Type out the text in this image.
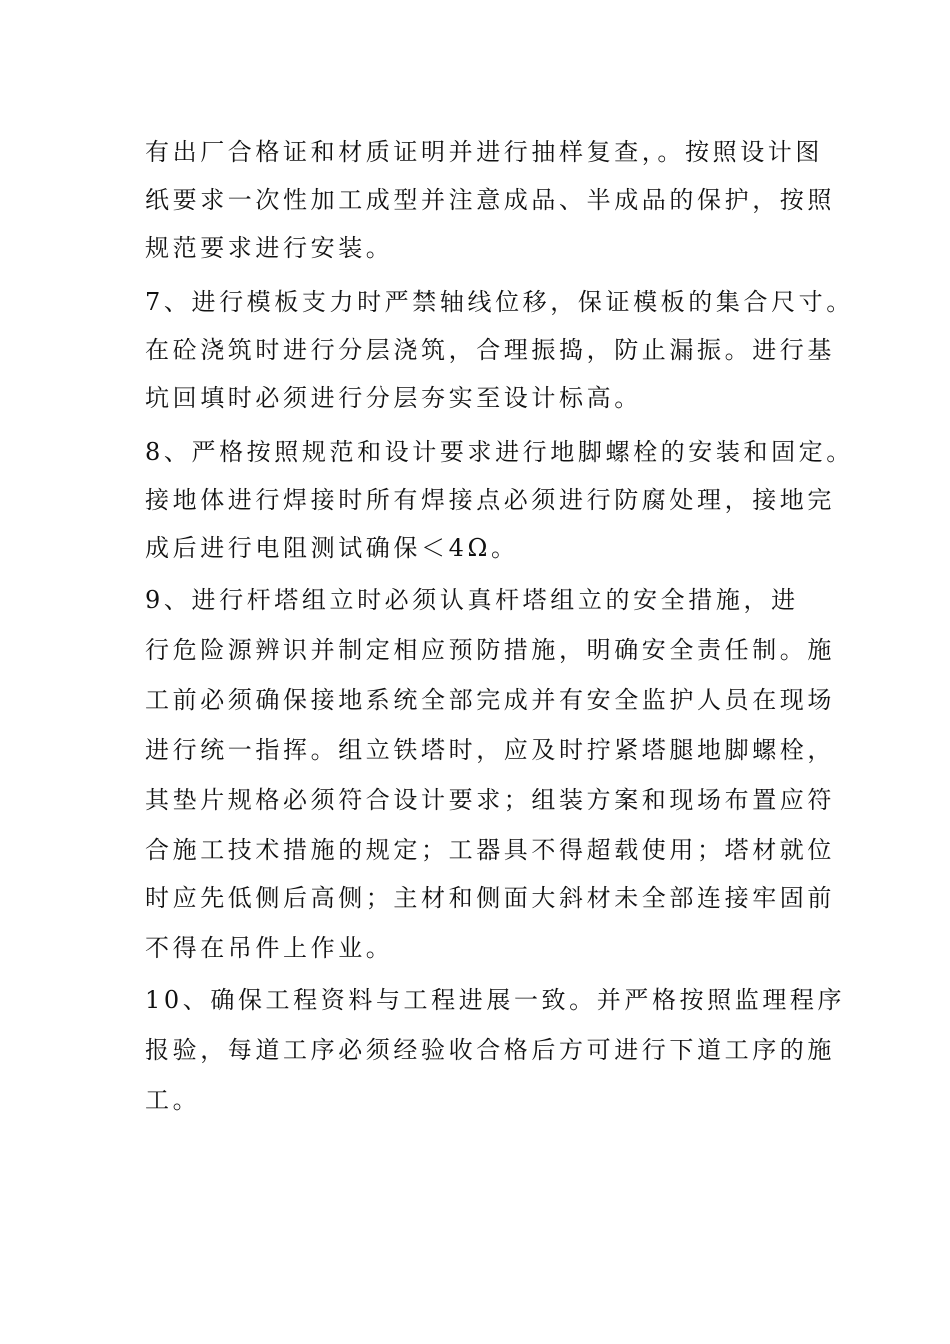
有出厂合格证和材质证明并进行抽样复查，。按照设计图
纸要求一次性加工成型并注意成品、半成品的保护，按照
规范要求进行安装。
7、进行模板支力时严禁轴线位移，保证模板的集合尺寸。
在砼浇筑时进行分层浇筑，合理振捣，防止漏振。进行基
坑回填时必须进行分层夯实至设计标高。
8、严格按照规范和设计要求进行地脚螺栓的安装和固定。
接地体进行焊接时所有焊接点必须进行防腐处理，接地完
成后进行电阻测试确保＜4Ω。
9、进行杆塔组立时必须认真杆塔组立的安全措施，进
行危险源辨识并制定相应预防措施，明确安全责任制。施
工前必须确保接地系统全部完成并有安全监护人员在现场
进行统一指挥。组立铁塔时，应及时拧紧塔腿地脚螺栓，
其垫片规格必须符合设计要求；组装方案和现场布置应符
合施工技术措施的规定；工器具不得超载使用；塔材就位
时应先低侧后高侧；主材和侧面大斜材未全部连接牢固前
不得在吊件上作业。
10、确保工程资料与工程进展一致。并严格按照监理程序
报验，每道工序必须经验收合格后方可进行下道工序的施
工。
